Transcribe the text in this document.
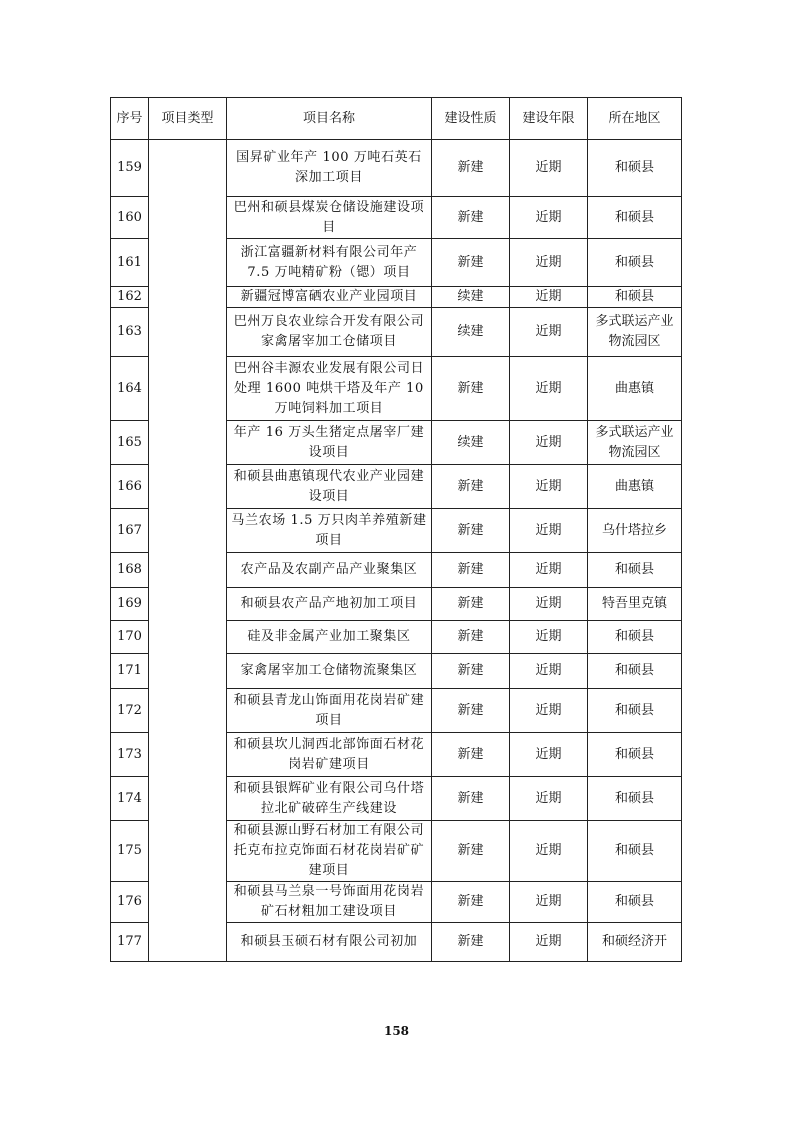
序号	项目类型	项目名称	建设性质	建设年限	所在地区
159		国昇矿业年产 100 万吨石英石深加工项目	新建	近期	和硕县
160		巴州和硕县煤炭仓储设施建设项目	新建	近期	和硕县
161		浙江富疆新材料有限公司年产 7.5 万吨精矿粉（锶）项目	新建	近期	和硕县
162		新疆冠博富硒农业产业园项目	续建	近期	和硕县
163		巴州万良农业综合开发有限公司家禽屠宰加工仓储项目	续建	近期	多式联运产业物流园区
164		巴州谷丰源农业发展有限公司日处理 1600 吨烘干塔及年产 10 万吨饲料加工项目	新建	近期	曲惠镇
165		年产 16 万头生猪定点屠宰厂建设项目	续建	近期	多式联运产业物流园区
166		和硕县曲惠镇现代农业产业园建设项目	新建	近期	曲惠镇
167		马兰农场 1.5 万只肉羊养殖新建项目	新建	近期	乌什塔拉乡
168		农产品及农副产品产业聚集区	新建	近期	和硕县
169		和硕县农产品产地初加工项目	新建	近期	特吾里克镇
170		硅及非金属产业加工聚集区	新建	近期	和硕县
171		家禽屠宰加工仓储物流聚集区	新建	近期	和硕县
172		和硕县青龙山饰面用花岗岩矿建项目	新建	近期	和硕县
173		和硕县坎儿洞西北部饰面石材花岗岩矿建项目	新建	近期	和硕县
174		和硕县银辉矿业有限公司乌什塔拉北矿破碎生产线建设	新建	近期	和硕县
175		和硕县源山野石材加工有限公司托克布拉克饰面石材花岗岩矿矿建项目	新建	近期	和硕县
176		和硕县马兰泉一号饰面用花岗岩矿石材粗加工建设项目	新建	近期	和硕县
177		和硕县玉硕石材有限公司初加	新建	近期	和硕经济开
158
